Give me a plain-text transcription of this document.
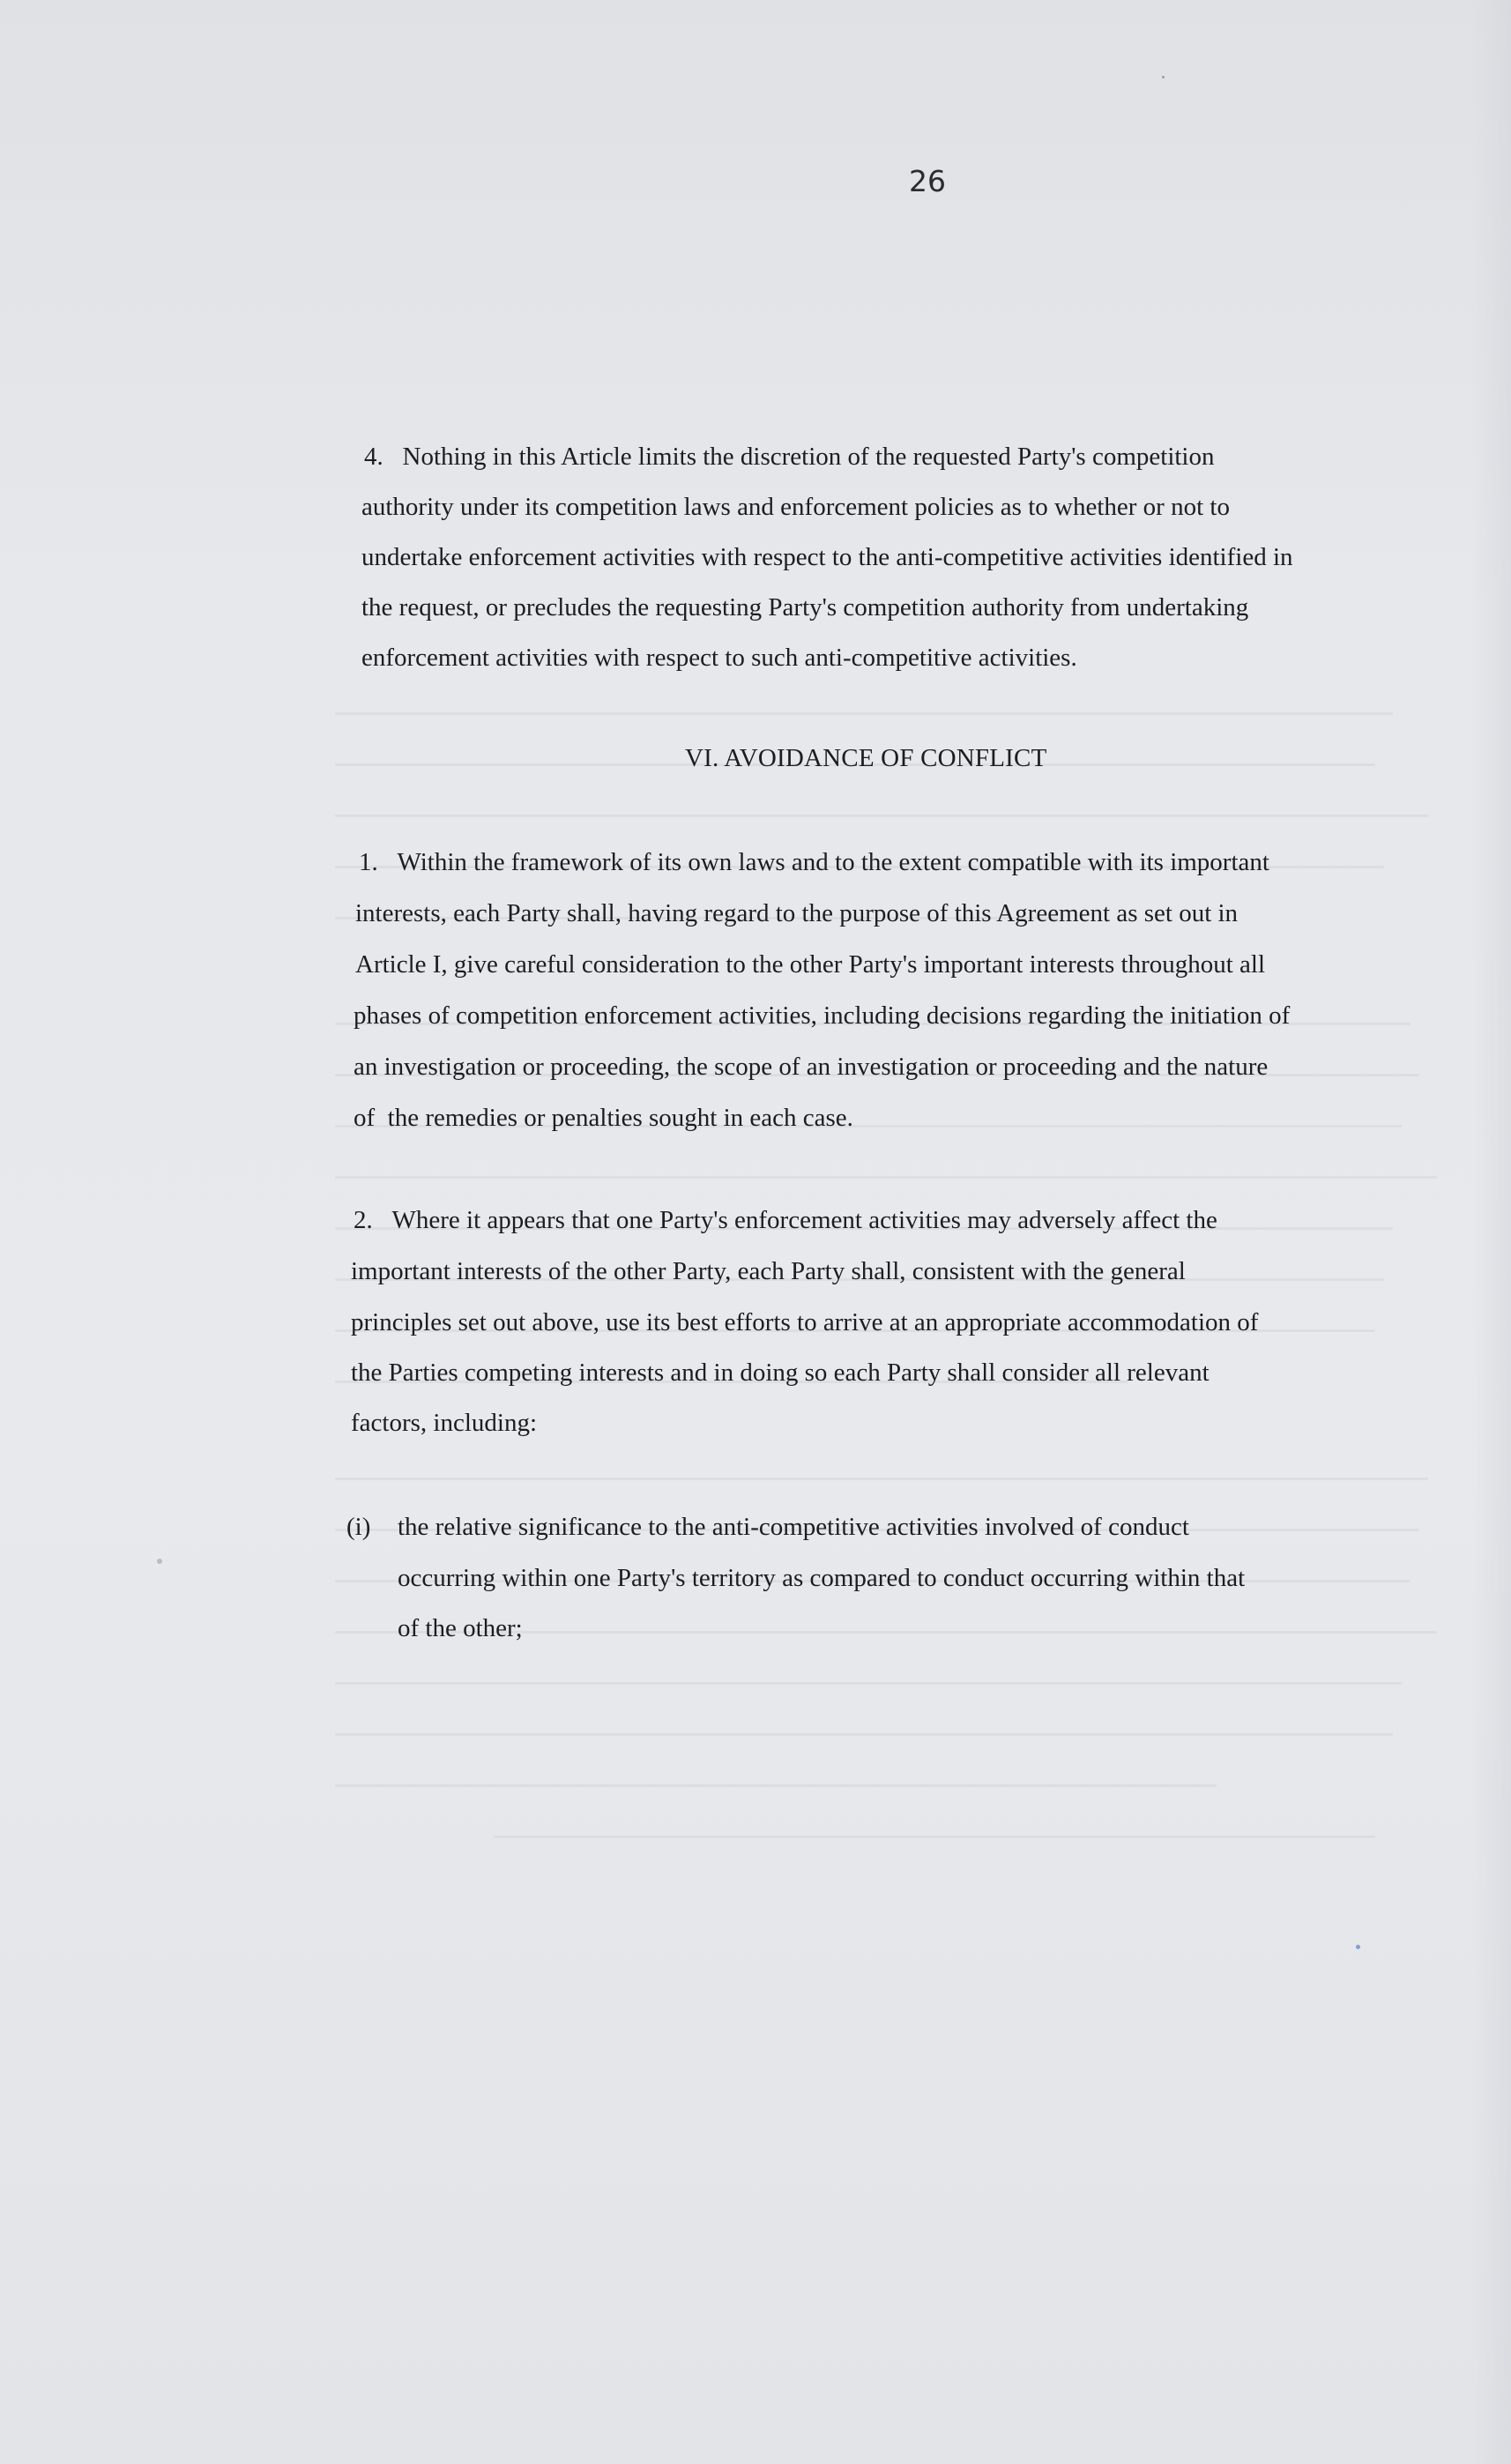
26

4.   Nothing in this Article limits the discretion of the requested Party's competition

authority under its competition laws and enforcement policies as to whether or not to

undertake enforcement activities with respect to the anti-competitive activities identified in

the request, or precludes the requesting Party's competition authority from undertaking

enforcement activities with respect to such anti-competitive activities.

VI. AVOIDANCE OF CONFLICT

1.   Within the framework of its own laws and to the extent compatible with its important

interests, each Party shall, having regard to the purpose of this Agreement as set out in

Article I, give careful consideration to the other Party's important interests throughout all

phases of competition enforcement activities, including decisions regarding the initiation of

an investigation or proceeding, the scope of an investigation or proceeding and the nature

of  the remedies or penalties sought in each case.

2.   Where it appears that one Party's enforcement activities may adversely affect the

important interests of the other Party, each Party shall, consistent with the general

principles set out above, use its best efforts to arrive at an appropriate accommodation of

the Parties competing interests and in doing so each Party shall consider all relevant

factors, including:

(i) the relative significance to the anti-competitive activities involved of conduct

occurring within one Party's territory as compared to conduct occurring within that

of the other;
